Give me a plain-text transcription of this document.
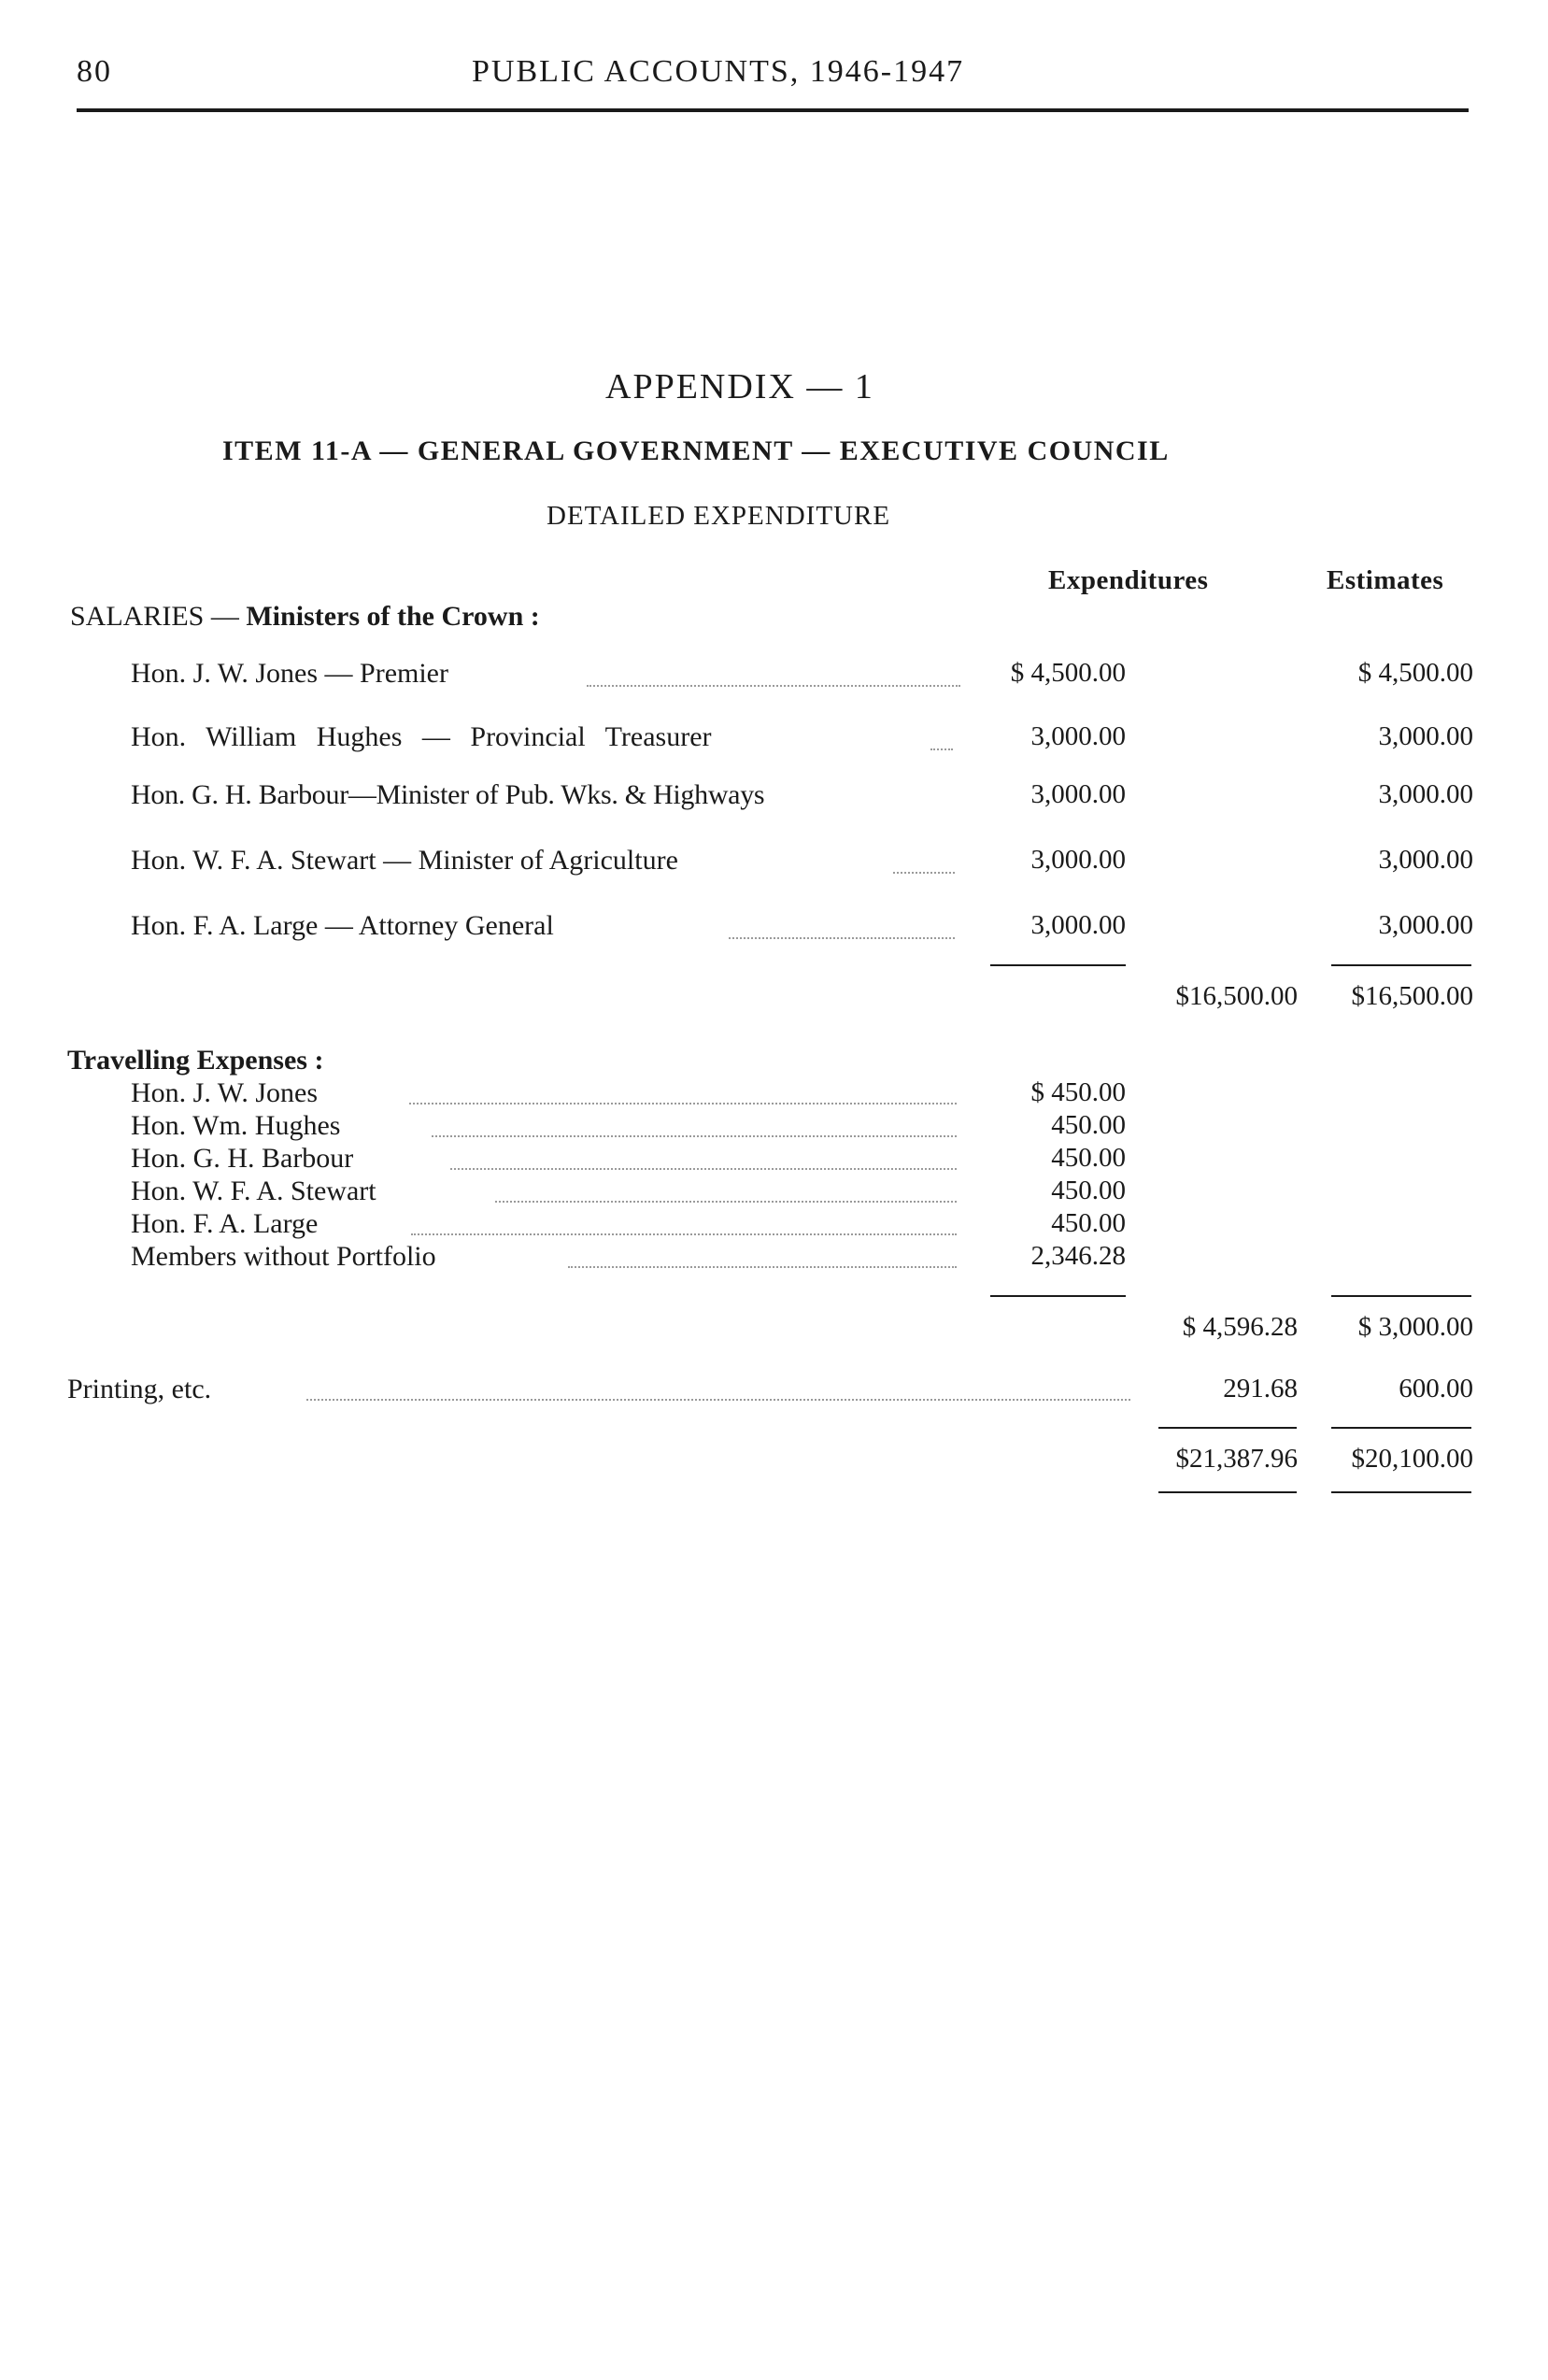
80	PUBLIC ACCOUNTS, 1946-1947
APPENDIX — 1
ITEM 11-A — GENERAL GOVERNMENT — EXECUTIVE COUNCIL
DETAILED EXPENDITURE
Expenditures	Estimates
SALARIES — Ministers of the Crown :
Hon. J. W. Jones — Premier	$ 4,500.00	$ 4,500.00
Hon. William Hughes — Provincial Treasurer	3,000.00	3,000.00
Hon. G. H. Barbour—Minister of Pub. Wks. & Highways	3,000.00	3,000.00
Hon. W. F. A. Stewart — Minister of Agriculture	3,000.00	3,000.00
Hon. F. A. Large — Attorney General	3,000.00	3,000.00
$16,500.00 $16,500.00
Travelling Expenses :
Hon. J. W. Jones	$ 450.00
Hon. Wm. Hughes	450.00
Hon. G. H. Barbour	450.00
Hon. W. F. A. Stewart	450.00
Hon. F. A. Large	450.00
Members without Portfolio	2,346.28
$ 4,596.28 $ 3,000.00
Printing, etc.	291.68	600.00
$21,387.96 $20,100.00
